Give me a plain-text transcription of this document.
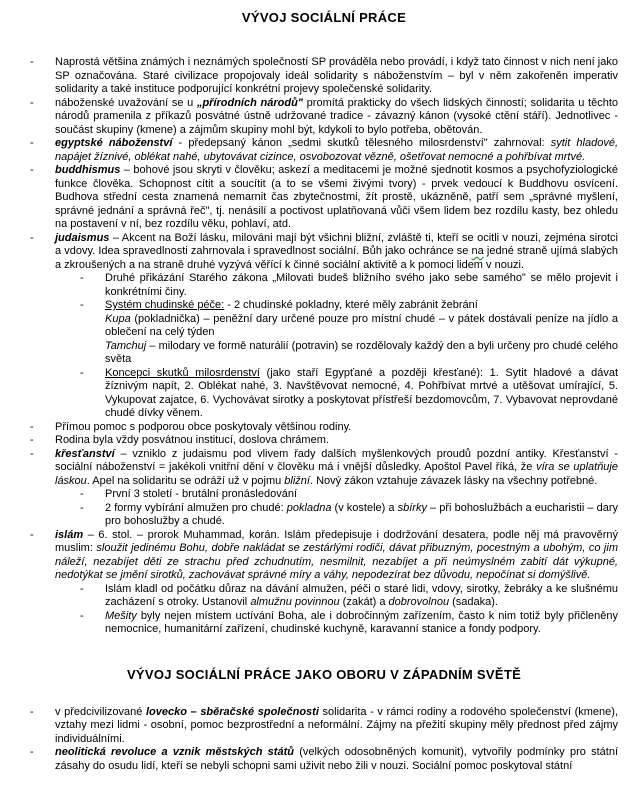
VÝVOJ SOCIÁLNÍ PRÁCE
- Naprostá většina známých i neznámých společností SP prováděla nebo provádí, i když tato činnost v nich není jako SP označována. Staré civilizace propojovaly ideál solidarity s náboženstvím – byl v něm zakořeněn imperativ solidarity a také instituce podporující konkrétní projevy společenské solidarity.
- náboženské uvažování se u „přírodních národů" promítá prakticky do všech lidských činností; solidarita u těchto národů pramenila z příkazů posvátné ústně udržované tradice - závazný kánon (vysoké ctění stáří). Jednotlivec - součást skupiny (kmene) a zájmům skupiny mohl být, kdykoli to bylo potřeba, obětován.
- egyptské náboženství - předepsaný kánon „sedmi skutků tělesného milosrdenství" zahrnoval: sytit hladové, napájet žíznivé, oblékat nahé, ubytovávat cizince, osvobozovat vězně, ošetřovat nemocné a pohřbívat mrtvé.
- buddhismus – bohové jsou skryti v člověku; askezí a meditacemi je možné sjednotit kosmos a psychofyziologické funkce člověka. Schopnost cítit a soucítit (a to se všemi živými tvory) - prvek vedoucí k Buddhovu osvícení. Budhova střední cesta znamená nemarnit čas zbytečnostmi, žít prostě, ukázněně, patří sem „správné myšlení, správné jednání a správná řeč", tj. nenásilí a poctivost uplatňovaná vůči všem lidem bez rozdílu kasty, bez ohledu na postavení v ní, bez rozdílu věku, pohlaví, atd.
- judaismus – Akcent na Boží lásku, milováni mají být všichni bližní, zvláště ti, kteří se ocitli v nouzi, zejména sirotci a vdovy. Idea spravedlnosti zahrnovala i spravedlnost sociální. Bůh jako ochránce se na jedné straně ujímá slabých a zkroušených a na straně druhé vyzývá věřící k činné sociální aktivitě a k pomoci lidem v nouzi.
- Druhé přikázání Starého zákona „Milovati budeš bližního svého jako sebe samého" se mělo projevit i konkrétními činy.
- Systém chudinské péče: - 2 chudinské pokladny, které měly zabránit žebrání
Kupa (pokladnička) – peněžní dary určené pouze pro místní chudé – v pátek dostávali peníze na jídlo a oblečení na celý týden
Tamchuj – milodary ve formě naturálií (potravin) se rozdělovaly každý den a byli určeny pro chudé celého světa
- Koncepci skutků milosrdenství (jako staří Egypťané a později křesťané): 1. Sytit hladové a dávat žíznivým napít, 2. Oblékat nahé, 3. Navštěvovat nemocné, 4. Pohřbívat mrtvé a utěšovat umírající, 5. Vykupovat zajatce, 6. Vychovávat sirotky a poskytovat přístřeší bezdomovcům, 7. Vybavovat neprovdané chudé dívky věnem.
- Přímou pomoc s podporou obce poskytovaly většinou rodiny.
- Rodina byla vždy posvátnou institucí, doslova chrámem.
- křesťanství – vzniklo z judaismu pod vlivem řady dalších myšlenkových proudů pozdní antiky. Křesťanství - sociální náboženství = jakékoli vnitřní dění v člověku má i vnější důsledky. Apoštol Pavel říká, že víra se uplatňuje láskou. Apel na solidaritu se odráží už v pojmu bližní. Nový zákon vztahuje závazek lásky na všechny potřebné.
- První 3 století - brutální pronásledování
- 2 formy vybírání almužen pro chudé: pokladna (v kostele) a sbírky – při bohoslužbách a eucharistii – dary pro bohoslužby a chudé.
- islám – 6. stol. – prorok Muhammad, korán. Islám předepisuje i dodržování desatera, podle něj má pravověrný muslim: sloužit jedinému Bohu, dobře nakládat se zestárlými rodiči, dávat přibuzným, pocestným a ubohým, co jim náleží, nezabíjet děti ze strachu před zchudnutím, nesmilnit, nezabíjet a při neúmyslném zabití dát výkupné, nedotýkat se jmění sirotků, zachovávat správné míry a váhy, nepodezírat bez důvodu, nepočínat si domýšlivě.
- Islám kladl od počátku důraz na dávání almužen, péči o staré lidi, vdovy, sirotky, žebráky a ke slušnému zacházení s otroky. Ustanovil almužnu povinnou (zakát) a dobrovolnou (sadaka).
- Mešity byly nejen místem uctívání Boha, ale i dobročinným zařízením, často k nim totiž byly přičleněny nemocnice, humanitární zařízení, chudinské kuchyně, karavanní stanice a fondy podpory.
VÝVOJ SOCIÁLNÍ PRÁCE JAKO OBORU V ZÁPADNÍM SVĚTĚ
- v předcivilizované lovecko – sběračské společnosti solidarita - v rámci rodiny a rodového společenství (kmene), vztahy mezi lidmi - osobní, pomoc bezprostřední a neformální. Zájmy na přežití skupiny měly přednost před zájmy individuálními.
- neolitická revoluce a vznik městských států (velkých odosobněných komunit), vytvořily podmínky pro státní zásahy do osudu lidí, kteří se nebyli schopni sami uživit nebo žili v nouzi. Sociální pomoc poskytoval státní
